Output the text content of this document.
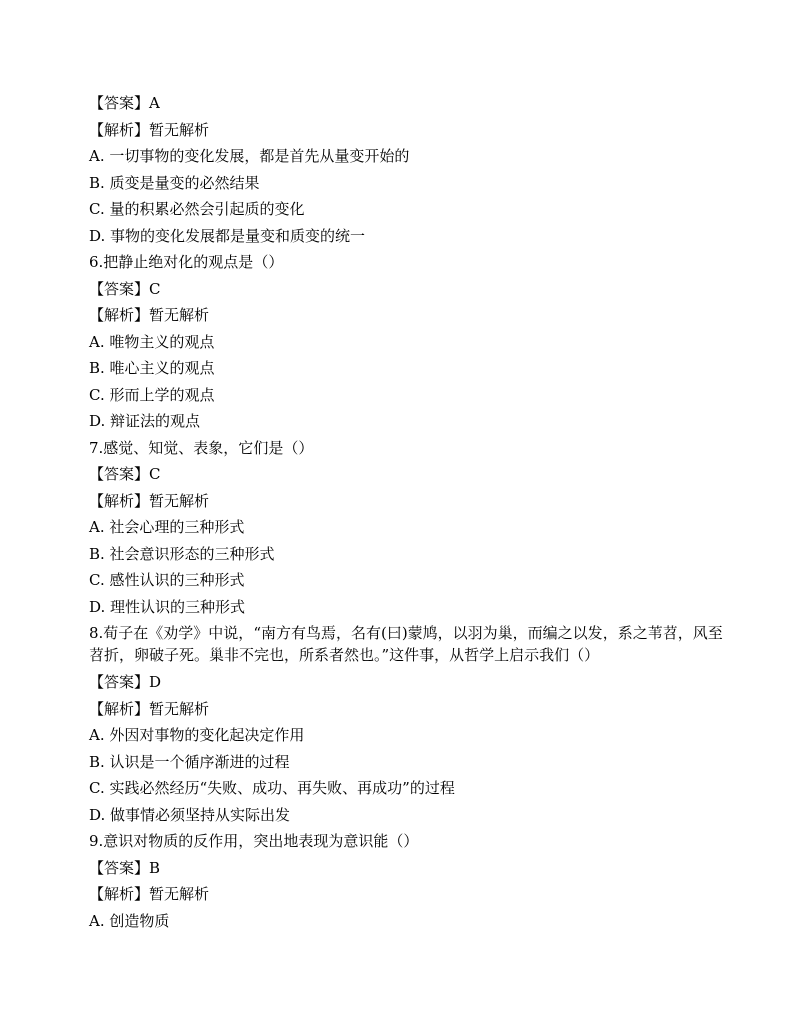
【答案】A

【解析】暂无解析

A. 一切事物的变化发展，都是首先从量变开始的

B. 质变是量变的必然结果

C. 量的积累必然会引起质的变化

D. 事物的变化发展都是量变和质变的统一

6.把静止绝对化的观点是（）

【答案】C

【解析】暂无解析

A. 唯物主义的观点

B. 唯心主义的观点

C. 形而上学的观点

D. 辩证法的观点

7.感觉、知觉、表象，它们是（）

【答案】C

【解析】暂无解析

A. 社会心理的三种形式

B. 社会意识形态的三种形式

C. 感性认识的三种形式

D. 理性认识的三种形式

8.荀子在《劝学》中说，“南方有鸟焉，名有(曰)蒙鸠，以羽为巢，而编之以发，系之苇苕，风至苕折，卵破子死。巢非不完也，所系者然也。”这件事，从哲学上启示我们（）

【答案】D

【解析】暂无解析

A. 外因对事物的变化起决定作用

B. 认识是一个循序渐进的过程

C. 实践必然经历“失败、成功、再失败、再成功”的过程

D. 做事情必须坚持从实际出发

9.意识对物质的反作用，突出地表现为意识能（）

【答案】B

【解析】暂无解析

A. 创造物质
